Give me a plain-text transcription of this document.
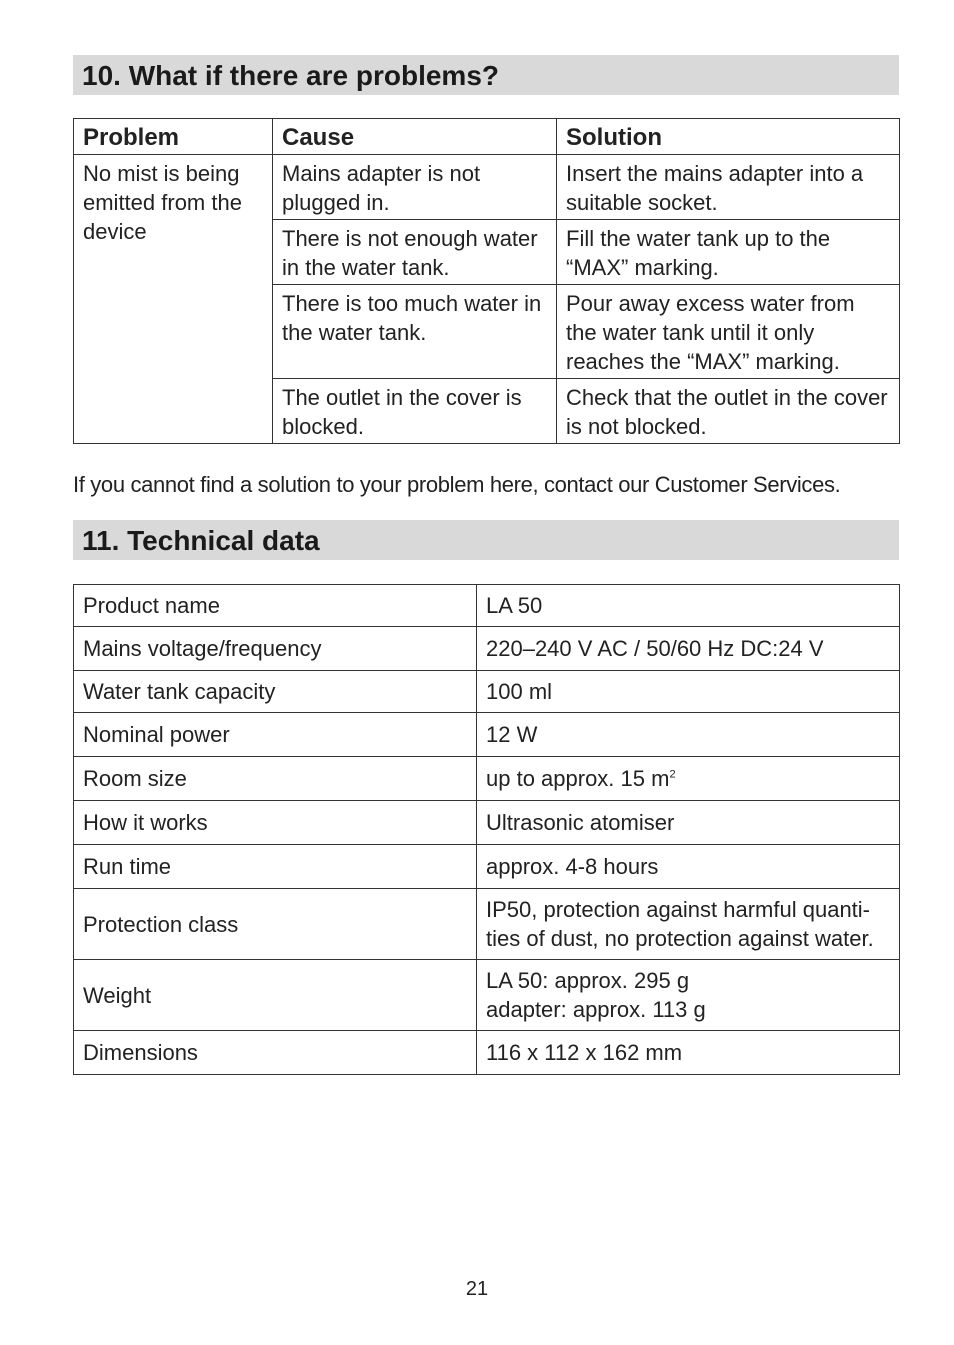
10. What if there are problems?
Problem	Cause	Solution
No mist is being emitted from the device	Mains adapter is not plugged in.	Insert the mains adapter into a suitable socket.
	There is not enough water in the water tank.	Fill the water tank up to the “MAX” marking.
	There is too much water in the water tank.	Pour away excess water from the water tank until it only reaches the “MAX” marking.
	The outlet in the cover is blocked.	Check that the outlet in the cover is not blocked.
If you cannot find a solution to your problem here, contact our Customer Services.
11. Technical data
Product name	LA 50
Mains voltage/frequency	220–240 V AC / 50/60 Hz DC:24 V
Water tank capacity	100 ml
Nominal power	12 W
Room size	up to approx. 15 $m^2$
How it works	Ultrasonic atomiser
Run time	approx. 4-8 hours
Protection class	IP50, protection against harmful quanti- ties of dust, no protection against water.
Weight	LA 50: approx. 295 g
adapter: approx. 113 g

Dimensions	116 x 112 x 162 mm
21
